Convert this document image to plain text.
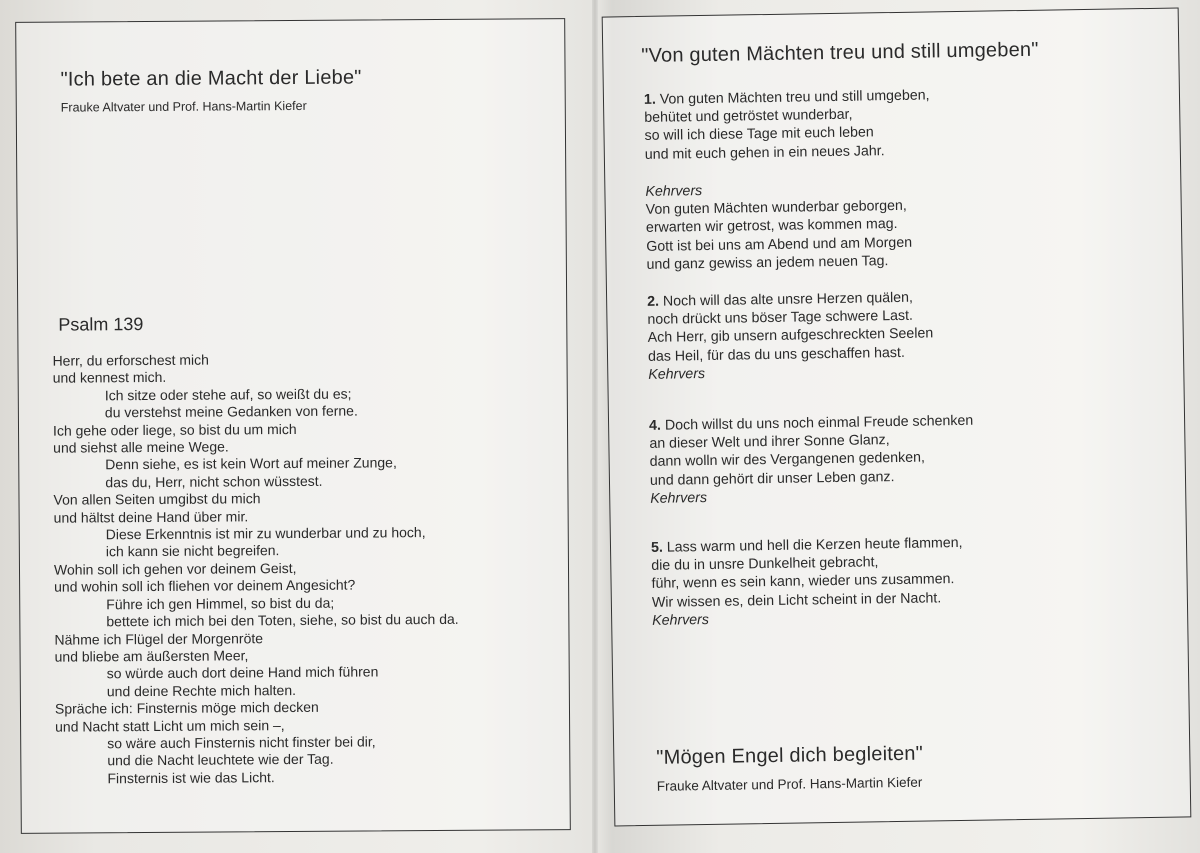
"Ich bete an die Macht der Liebe"
Frauke Altvater und Prof. Hans-Martin Kiefer
Psalm 139
Herr, du erforschest mich
und kennest mich.
Ich sitze oder stehe auf, so weißt du es;
du verstehst meine Gedanken von ferne.
Ich gehe oder liege, so bist du um mich
und siehst alle meine Wege.
Denn siehe, es ist kein Wort auf meiner Zunge,
das du, Herr, nicht schon wüsstest.
Von allen Seiten umgibst du mich
und hältst deine Hand über mir.
Diese Erkenntnis ist mir zu wunderbar und zu hoch,
ich kann sie nicht begreifen.
Wohin soll ich gehen vor deinem Geist,
und wohin soll ich fliehen vor deinem Angesicht?
Führe ich gen Himmel, so bist du da;
bettete ich mich bei den Toten, siehe, so bist du auch da.
Nähme ich Flügel der Morgenröte
und bliebe am äußersten Meer,
so würde auch dort deine Hand mich führen
und deine Rechte mich halten.
Spräche ich: Finsternis möge mich decken
und Nacht statt Licht um mich sein –,
so wäre auch Finsternis nicht finster bei dir,
und die Nacht leuchtete wie der Tag.
Finsternis ist wie das Licht.
"Von guten Mächten treu und still umgeben"
1. Von guten Mächten treu und still umgeben,
behütet und getröstet wunderbar,
so will ich diese Tage mit euch leben
und mit euch gehen in ein neues Jahr.
Kehrvers
Von guten Mächten wunderbar geborgen,
erwarten wir getrost, was kommen mag.
Gott ist bei uns am Abend und am Morgen
und ganz gewiss an jedem neuen Tag.
2. Noch will das alte unsre Herzen quälen,
noch drückt uns böser Tage schwere Last.
Ach Herr, gib unsern aufgeschreckten Seelen
das Heil, für das du uns geschaffen hast.
Kehrvers
4. Doch willst du uns noch einmal Freude schenken
an dieser Welt und ihrer Sonne Glanz,
dann wolln wir des Vergangenen gedenken,
und dann gehört dir unser Leben ganz.
Kehrvers
5. Lass warm und hell die Kerzen heute flammen,
die du in unsre Dunkelheit gebracht,
führ, wenn es sein kann, wieder uns zusammen.
Wir wissen es, dein Licht scheint in der Nacht.
Kehrvers
"Mögen Engel dich begleiten"
Frauke Altvater und Prof. Hans-Martin Kiefer
